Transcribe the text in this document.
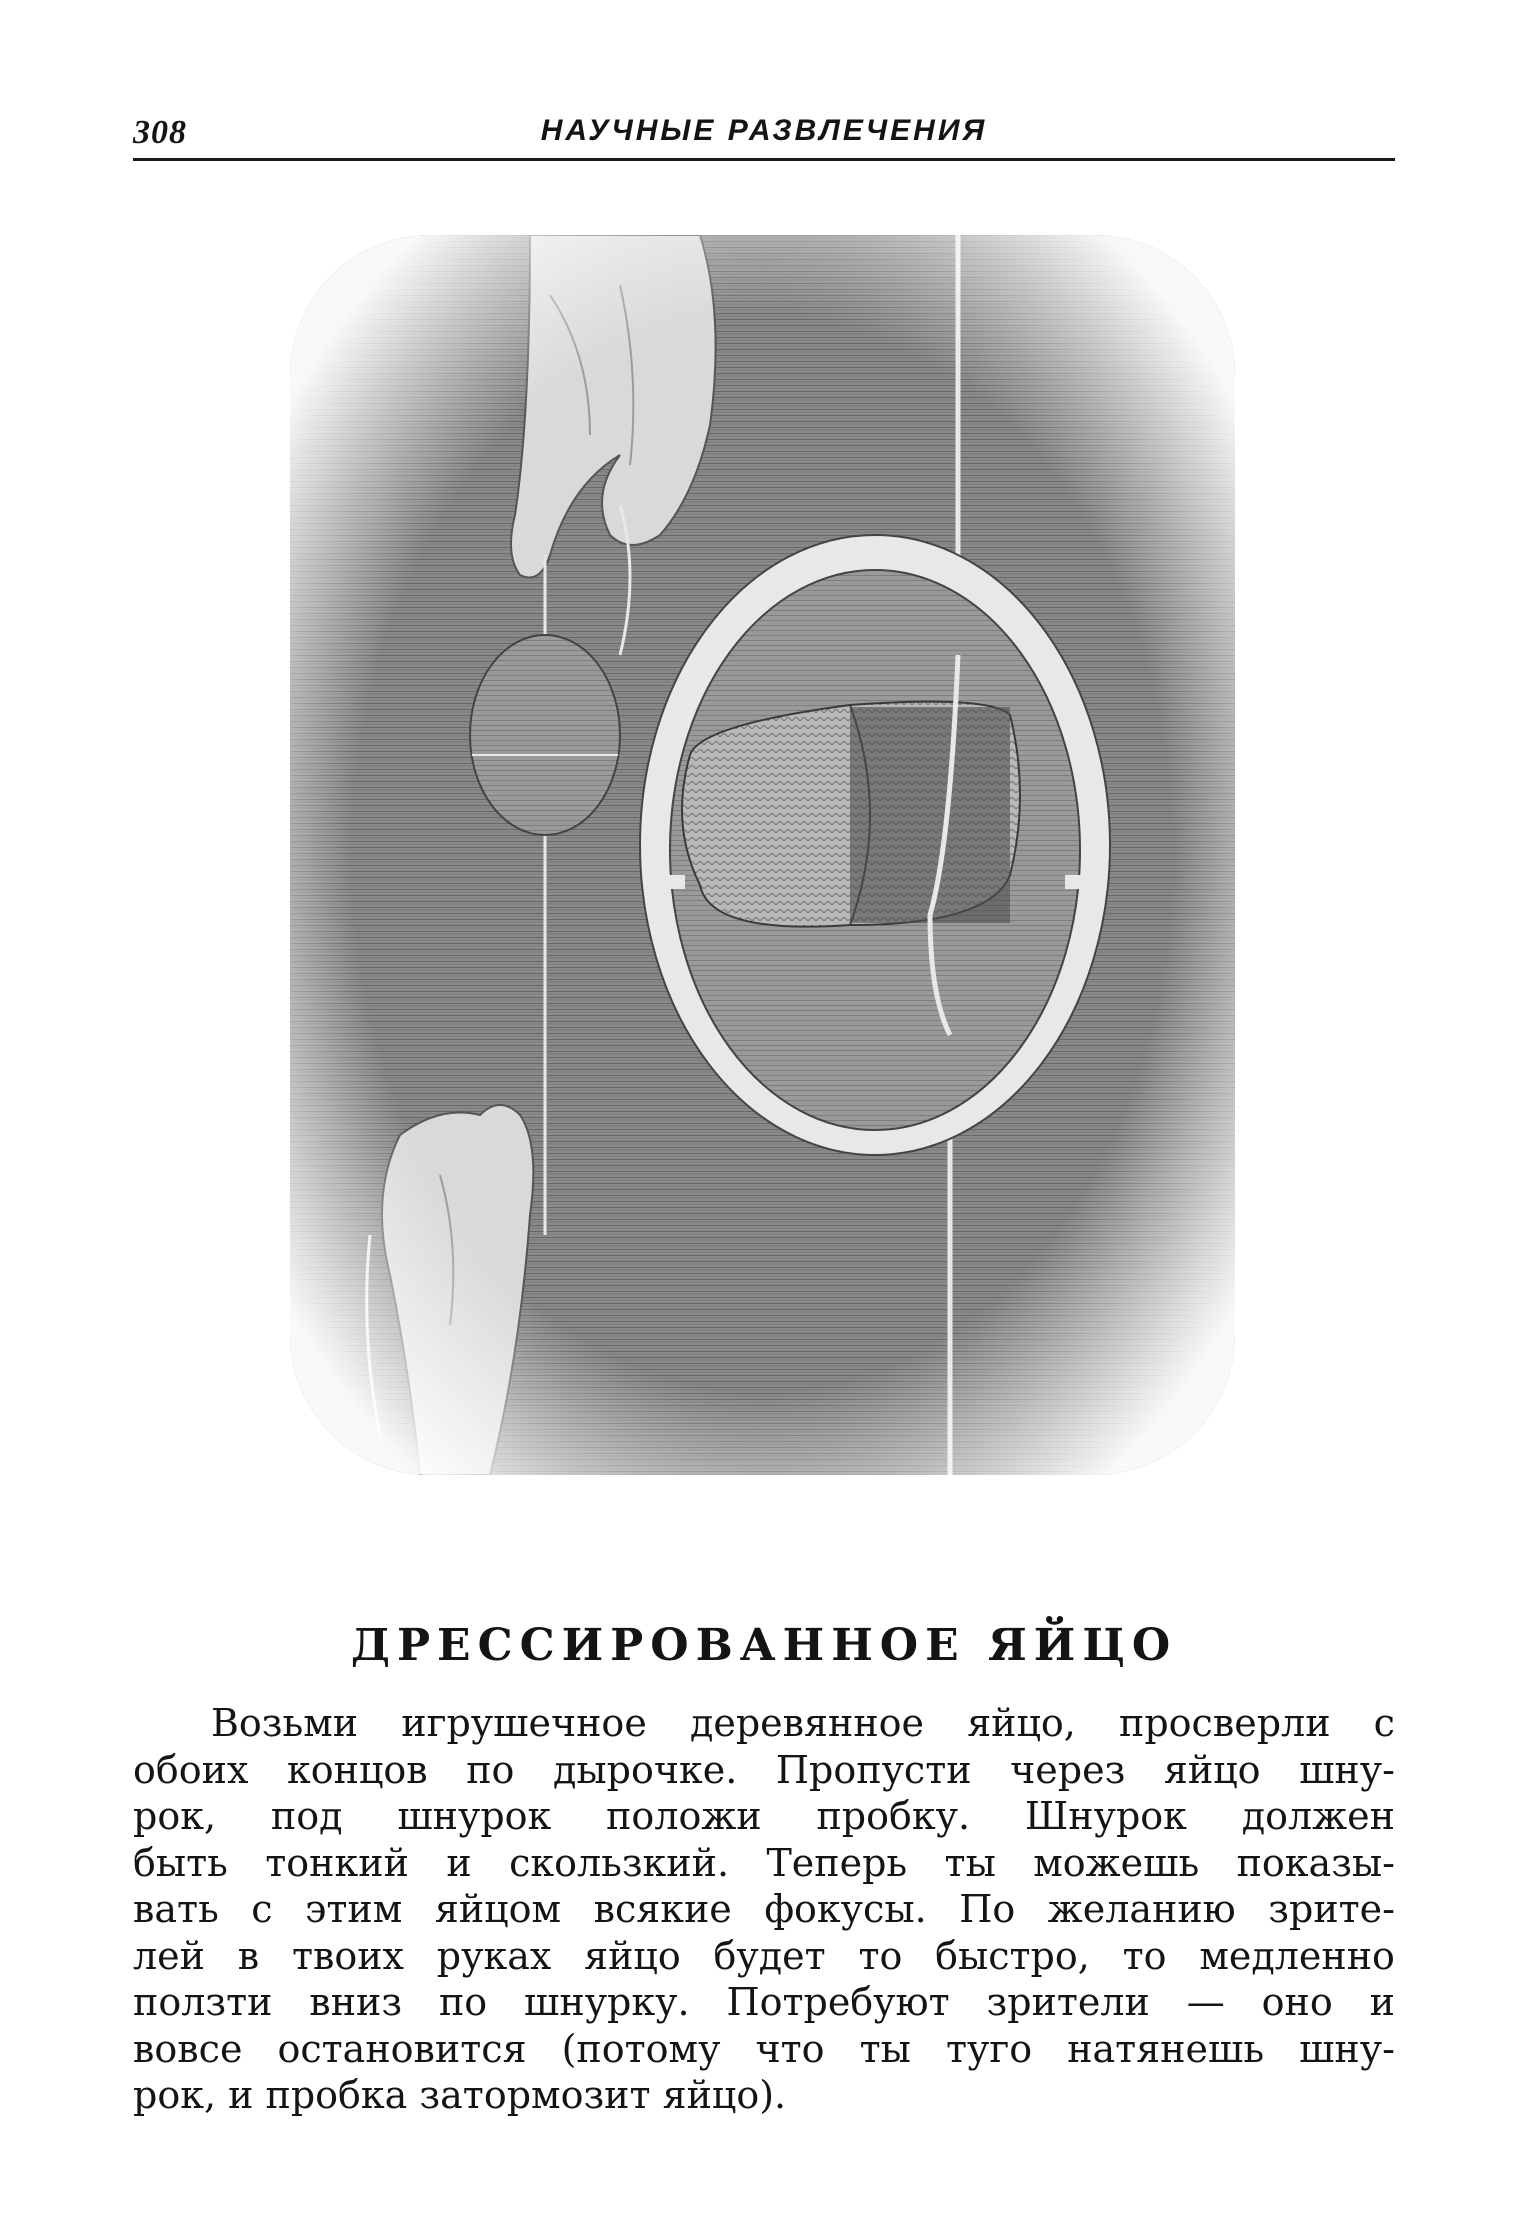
308	НАУЧНЫЕ РАЗВЛЕЧЕНИЯ
ДРЕССИРОВАННОЕ ЯЙЦО
Возьми игрушечное деревянное яйцо, просверли с
обоих концов по дырочке. Пропусти через яйцо шну-
рок, под шнурок положи пробку. Шнурок должен
быть тонкий и скользкий. Теперь ты можешь показы-
вать с этим яйцом всякие фокусы. По желанию зрите-
лей в твоих руках яйцо будет то быстро, то медленно
ползти вниз по шнурку. Потребуют зрители — оно и
вовсе остановится (потому что ты туго натянешь шну-
рок, и пробка затормозит яйцо).
